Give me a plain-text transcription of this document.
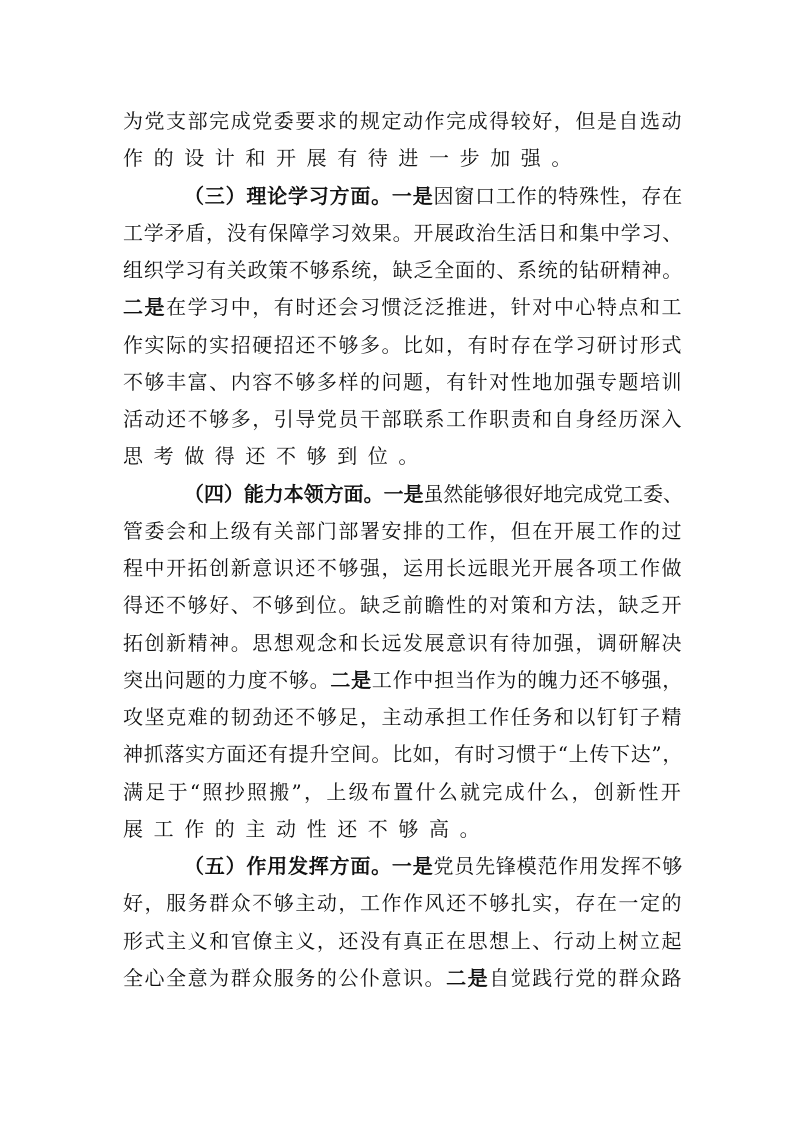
为党支部完成党委要求的规定动作完成得较好，但是自选动
作的设计和开展有待进一步加强。
（三）理论学习方面。一是因窗口工作的特殊性，存在
工学矛盾，没有保障学习效果。开展政治生活日和集中学习、
组织学习有关政策不够系统，缺乏全面的、系统的钻研精神。
二是在学习中，有时还会习惯泛泛推进，针对中心特点和工
作实际的实招硬招还不够多。比如，有时存在学习研讨形式
不够丰富、内容不够多样的问题，有针对性地加强专题培训
活动还不够多，引导党员干部联系工作职责和自身经历深入
思考做得还不够到位。
（四）能力本领方面。一是虽然能够很好地完成党工委、
管委会和上级有关部门部署安排的工作，但在开展工作的过
程中开拓创新意识还不够强，运用长远眼光开展各项工作做
得还不够好、不够到位。缺乏前瞻性的对策和方法，缺乏开
拓创新精神。思想观念和长远发展意识有待加强，调研解决
突出问题的力度不够。二是工作中担当作为的魄力还不够强，
攻坚克难的韧劲还不够足，主动承担工作任务和以钉钉子精
神抓落实方面还有提升空间。比如，有时习惯于“上传下达”，
满足于“照抄照搬”，上级布置什么就完成什么，创新性开
展工作的主动性还不够高。
（五）作用发挥方面。一是党员先锋模范作用发挥不够
好，服务群众不够主动，工作作风还不够扎实，存在一定的
形式主义和官僚主义，还没有真正在思想上、行动上树立起
全心全意为群众服务的公仆意识。二是自觉践行党的群众路
